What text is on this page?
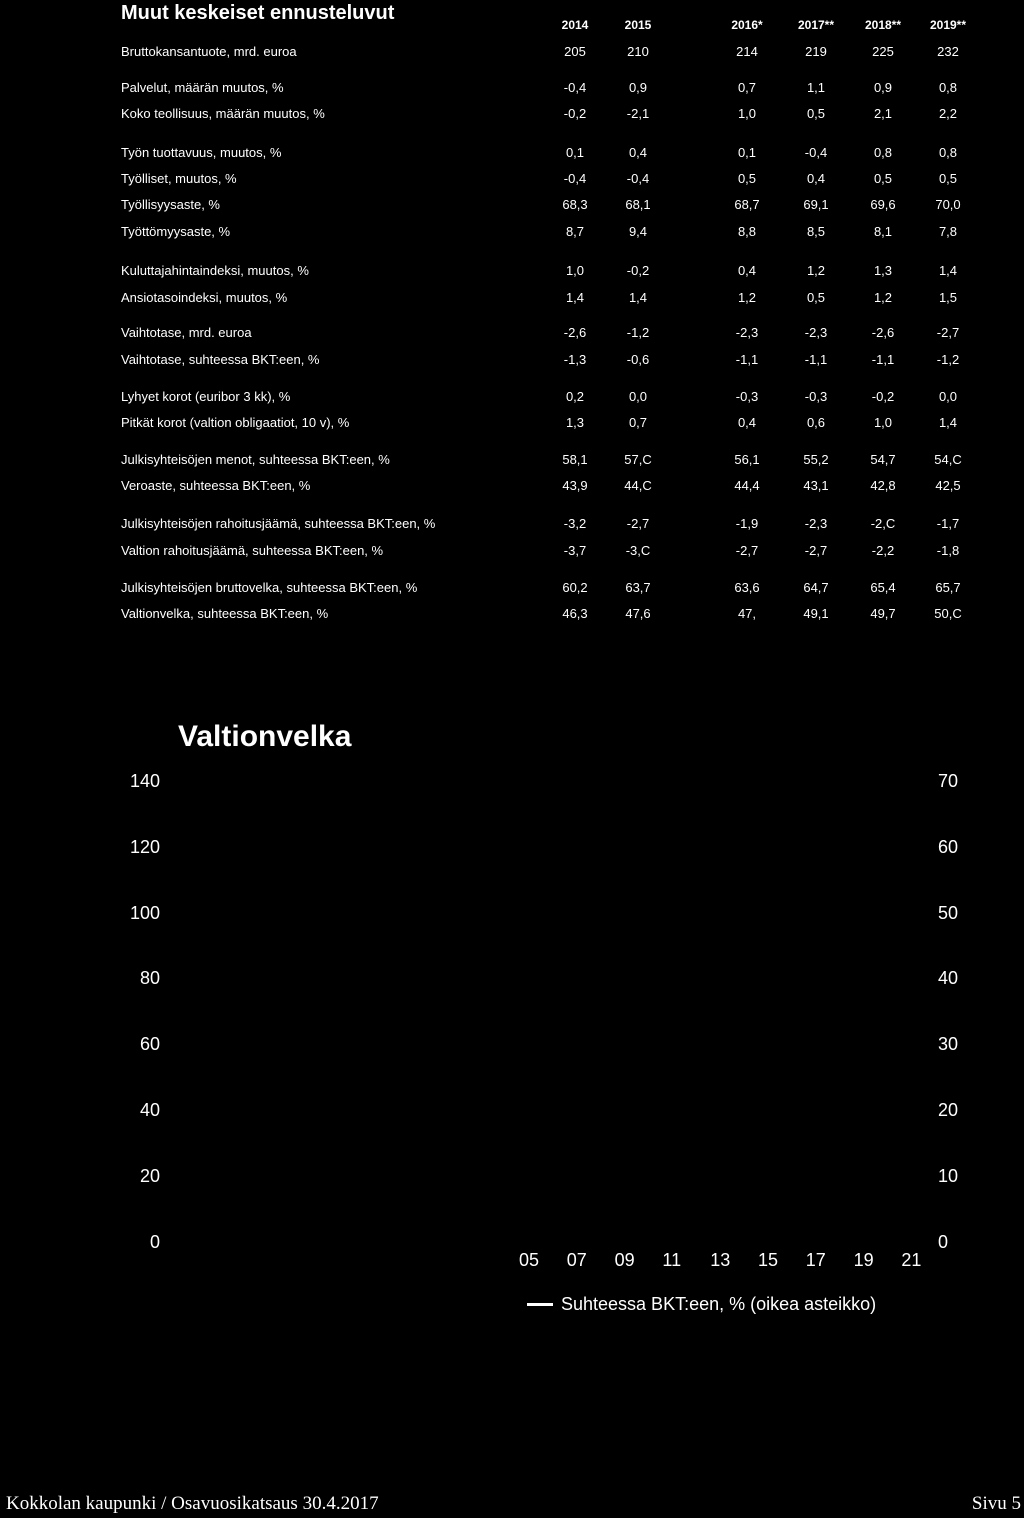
Muut keskeiset ennusteluvut
2014	2015	2016*	2017**	2018**	2019**
Bruttokansantuote, mrd. euroa	205	210	214	219	225	232
Palvelut, määrän muutos, %	-0,4	0,9	0,7	1,1	0,9	0,8
Koko teollisuus, määrän muutos, %	-0,2	-2,1	1,0	0,5	2,1	2,2
Työn tuottavuus, muutos, %	0,1	0,4	0,1	-0,4	0,8	0,8
Työlliset, muutos, %	-0,4	-0,4	0,5	0,4	0,5	0,5
Työllisyysaste, %	68,3	68,1	68,7	69,1	69,6	70,0
Työttömyysaste, %	8,7	9,4	8,8	8,5	8,1	7,8
Kuluttajahintaindeksi, muutos, %	1,0	-0,2	0,4	1,2	1,3	1,4
Ansiotasoindeksi, muutos, %	1,4	1,4	1,2	0,5	1,2	1,5
Vaihtotase, mrd. euroa	-2,6	-1,2	-2,3	-2,3	-2,6	-2,7
Vaihtotase, suhteessa BKT:een, %	-1,3	-0,6	-1,1	-1,1	-1,1	-1,2
Lyhyet korot (euribor 3 kk), %	0,2	0,0	-0,3	-0,3	-0,2	0,0
Pitkät korot (valtion obligaatiot, 10 v), %	1,3	0,7	0,4	0,6	1,0	1,4
Julkisyhteisöjen menot, suhteessa BKT:een, %	58,1	57,C	56,1	55,2	54,7	54,C
Veroaste, suhteessa BKT:een, %	43,9	44,C	44,4	43,1	42,8	42,5
Julkisyhteisöjen rahoitusjäämä, suhteessa BKT:een, %	-3,2	-2,7	-1,9	-2,3	-2,C	-1,7
Valtion rahoitusjäämä, suhteessa BKT:een, %	-3,7	-3,C	-2,7	-2,7	-2,2	-1,8
Julkisyhteisöjen bruttovelka, suhteessa BKT:een, %	60,2	63,7	63,6	64,7	65,4	65,7
Valtionvelka, suhteessa BKT:een, %	46,3	47,6	47,	49,1	49,7	50,C
Valtionvelka
140
120
100
80
60
40
20
0
70
60
50
40
30
20
10
0
05 07 09 11 13 15 17 19 21
Suhteessa BKT:een, % (oikea asteikko)
Kokkolan kaupunki / Osavuosikatsaus 30.4.2017	Sivu 5
